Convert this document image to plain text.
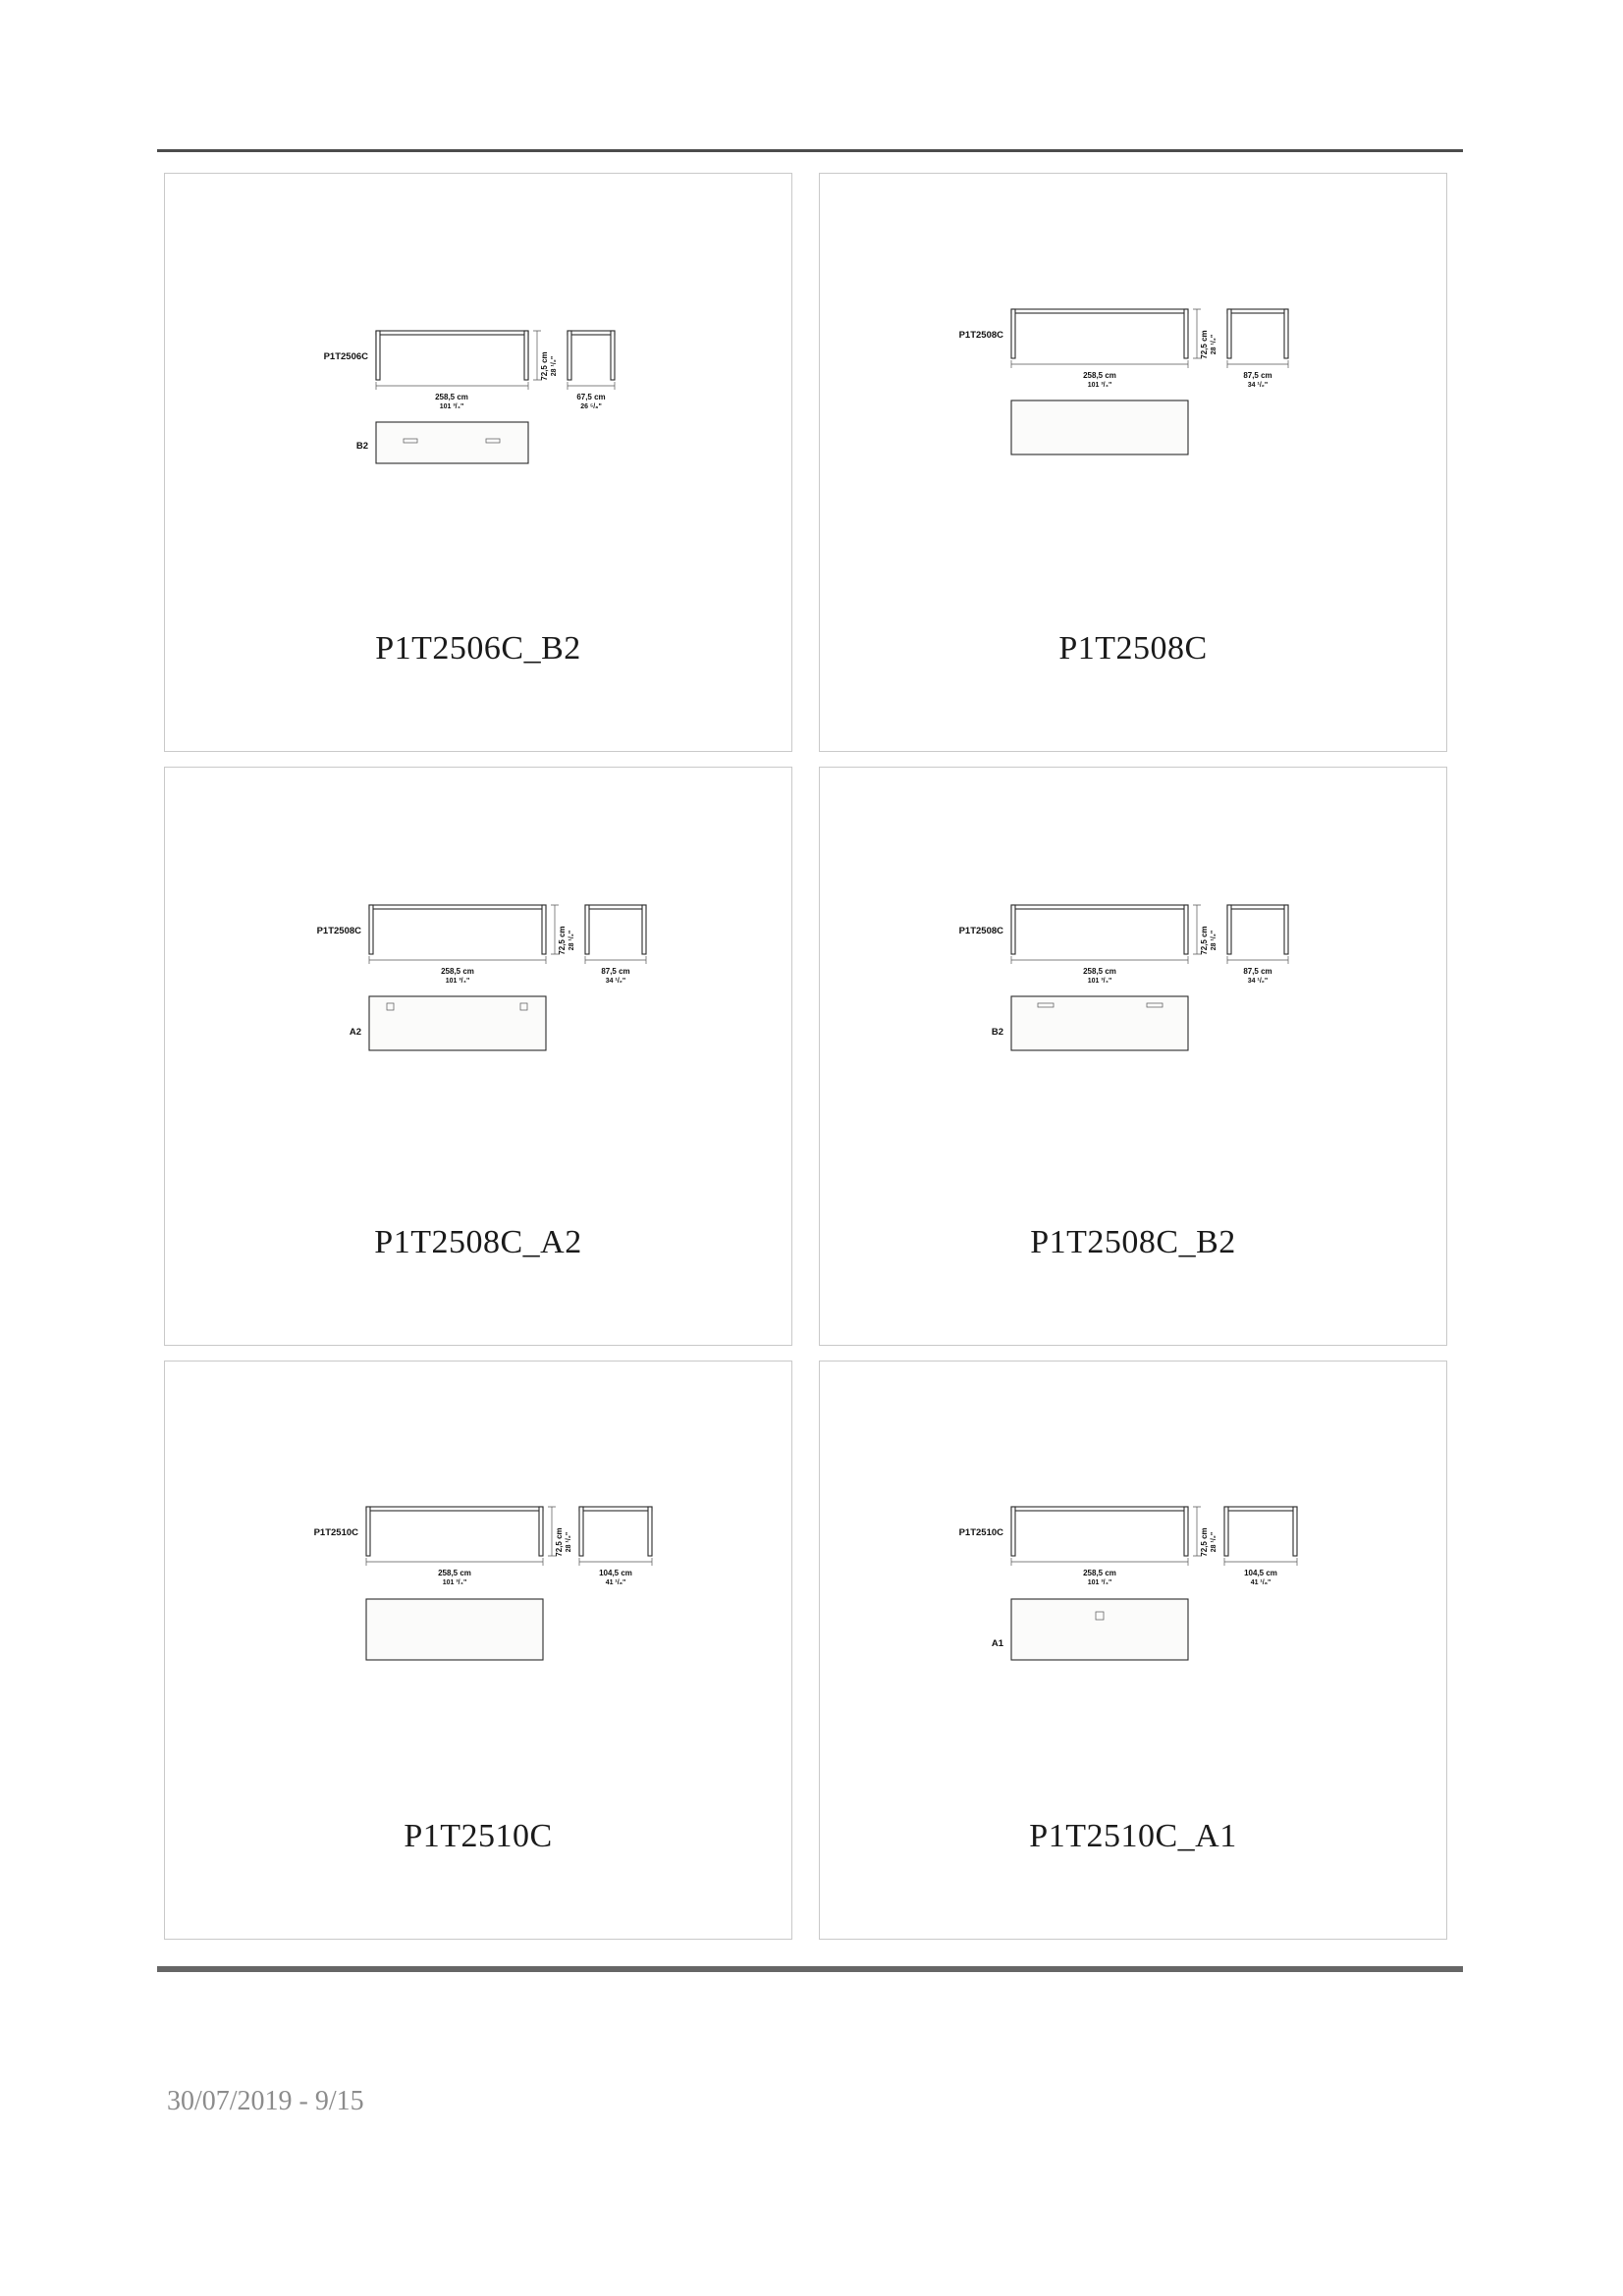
258,5 cm
101 ³/₄"
72,5 cm 28 ¹/₂"
67,5 cm
26 ⁵/₈"
P1T2506C
B2
P1T2506C_B2
258,5 cm
101 ³/₄"
72,5 cm 28 ¹/₂"
87,5 cm
34 ¹/₂"
P1T2508C
P1T2508C
258,5 cm
101 ³/₄"
72,5 cm 28 ¹/₂"
87,5 cm
34 ¹/₂"
P1T2508C
A2
P1T2508C_A2
258,5 cm
101 ³/₄"
72,5 cm 28 ¹/₂"
87,5 cm
34 ¹/₂"
P1T2508C
B2
P1T2508C_B2
258,5 cm
101 ³/₄"
72,5 cm 28 ¹/₂"
104,5 cm
41 ¹/₈"
P1T2510C
P1T2510C
258,5 cm
101 ³/₄"
72,5 cm 28 ¹/₂"
104,5 cm
41 ¹/₈"
P1T2510C
A1
P1T2510C_A1
30/07/2019 - 9/15
